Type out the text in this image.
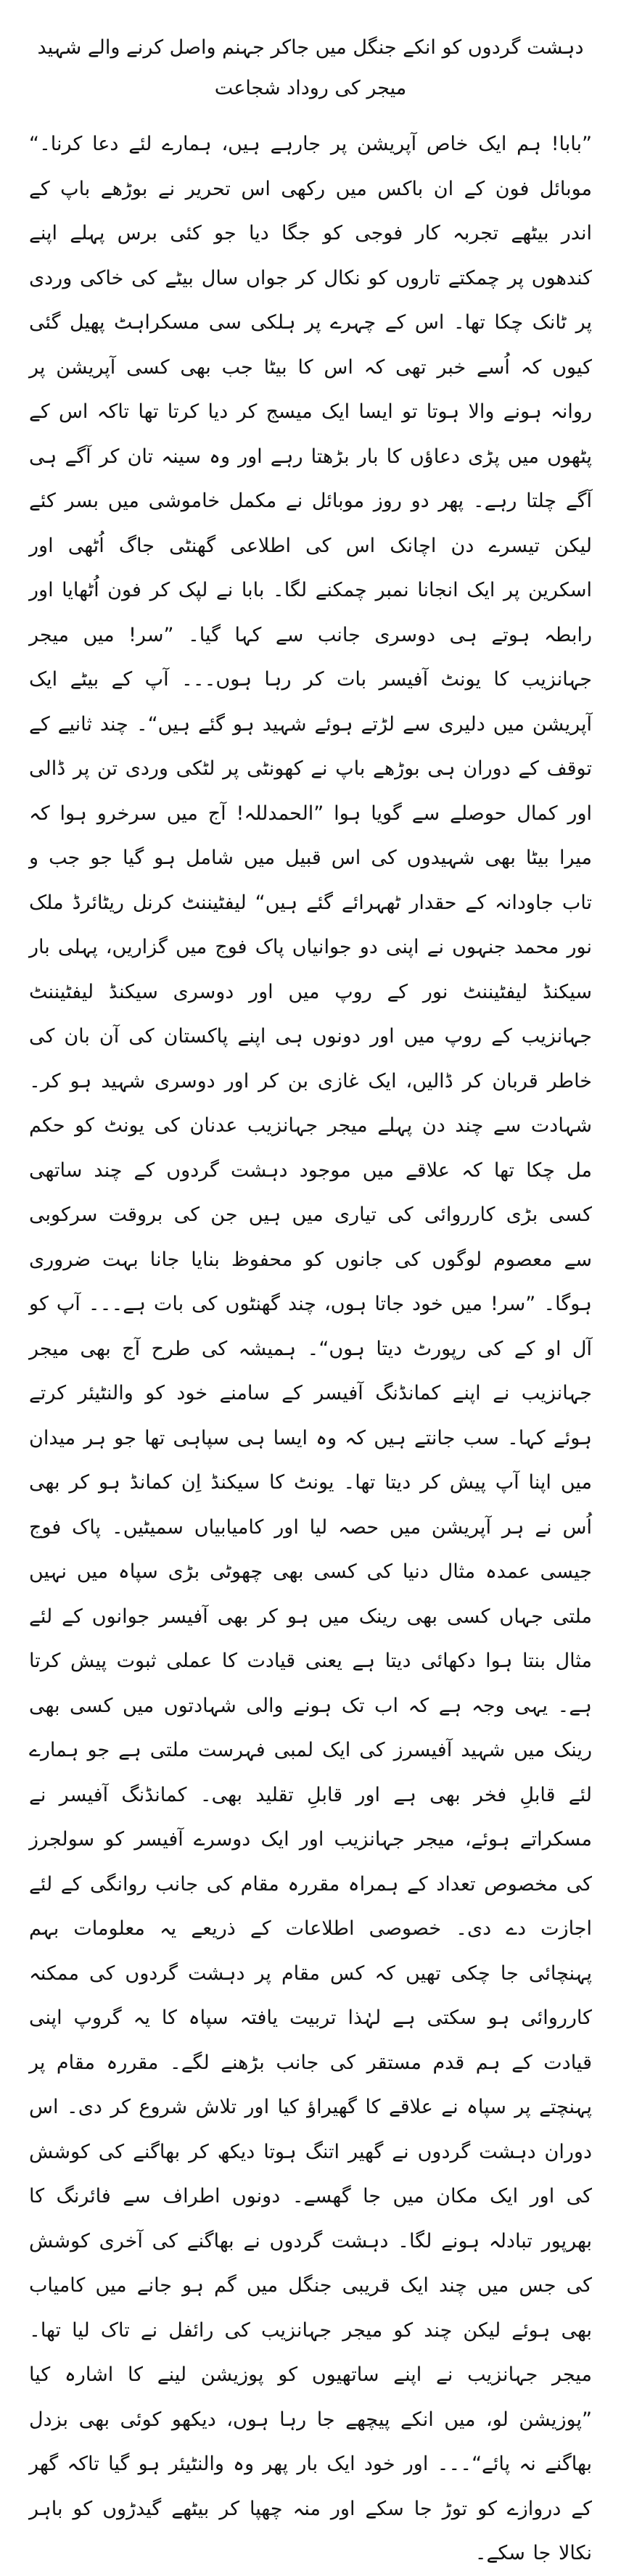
دہشت گردوں کو انکے جنگل میں جاکر جہنم واصل کرنے والے شہید میجر کی روداد شجاعت

”بابا! ہم ایک خاص آپریشن پر جارہے ہیں، ہمارے لئے دعا کرنا۔“ موبائل فون کے ان باکس میں رکھی اس تحریر نے بوڑھے باپ کے اندر بیٹھے تجربہ کار فوجی کو جگا دیا جو کئی برس پہلے اپنے کندھوں پر چمکتے تاروں کو نکال کر جواں سال بیٹے کی خاکی وردی پر ٹانک چکا تھا۔ اس کے چہرے پر ہلکی سی مسکراہٹ پھیل گئی کیوں کہ اُسے خبر تھی کہ اس کا بیٹا جب بھی کسی آپریشن پر روانہ ہونے والا ہوتا تو ایسا ایک میسج کر دیا کرتا تھا تاکہ اس کے پٹھوں میں پڑی دعاؤں کا بار بڑھتا رہے اور وہ سینہ تان کر آگے ہی آگے چلتا رہے۔ پھر دو روز موبائل نے مکمل خاموشی میں بسر کئے لیکن تیسرے دن اچانک اس کی اطلاعی گھنٹی جاگ اُٹھی اور اسکرین پر ایک انجانا نمبر چمکنے لگا۔ بابا نے لپک کر فون اُٹھایا اور رابطہ ہوتے ہی دوسری جانب سے کہا گیا۔ ”سر! میں میجر جہانزیب کا یونٹ آفیسر بات کر رہا ہوں۔۔۔ آپ کے بیٹے ایک آپریشن میں دلیری سے لڑتے ہوئے شہید ہو گئے ہیں“۔ چند ثانیے کے توقف کے دوران ہی بوڑھے باپ نے کھونٹی پر لٹکی وردی تن پر ڈالی اور کمال حوصلے سے گویا ہوا ”الحمدللہ! آج میں سرخرو ہوا کہ میرا بیٹا بھی شہیدوں کی اس قبیل میں شامل ہو گیا جو جب و تاب جاودانہ کے حقدار ٹھہرائے گئے ہیں“ لیفٹیننٹ کرنل ریٹائرڈ ملک نور محمد جنہوں نے اپنی دو جوانیاں پاک فوج میں گزاریں، پہلی بار سیکنڈ لیفٹیننٹ نور کے روپ میں اور دوسری سیکنڈ لیفٹیننٹ جہانزیب کے روپ میں اور دونوں ہی اپنے پاکستان کی آن بان کی خاطر قربان کر ڈالیں، ایک غازی بن کر اور دوسری شہید ہو کر۔ شہادت سے چند دن پہلے میجر جہانزیب عدنان کی یونٹ کو حکم مل چکا تھا کہ علاقے میں موجود دہشت گردوں کے چند ساتھی کسی بڑی کارروائی کی تیاری میں ہیں جن کی بروقت سرکوبی سے معصوم لوگوں کی جانوں کو محفوظ بنایا جانا بہت ضروری ہوگا۔ ”سر! میں خود جاتا ہوں، چند گھنٹوں کی بات ہے۔۔۔ آپ کو آل او کے کی رپورٹ دیتا ہوں“۔ ہمیشہ کی طرح آج بھی میجر جہانزیب نے اپنے کمانڈنگ آفیسر کے سامنے خود کو والنٹیئر کرتے ہوئے کہا۔ سب جانتے ہیں کہ وہ ایسا ہی سپاہی تھا جو ہر میدان میں اپنا آپ پیش کر دیتا تھا۔ یونٹ کا سیکنڈ اِن کمانڈ ہو کر بھی اُس نے ہر آپریشن میں حصہ لیا اور کامیابیاں سمیٹیں۔ پاک فوج جیسی عمدہ مثال دنیا کی کسی بھی چھوٹی بڑی سپاہ میں نہیں ملتی جہاں کسی بھی رینک میں ہو کر بھی آفیسر جوانوں کے لئے مثال بنتا ہوا دکھائی دیتا ہے یعنی قیادت کا عملی ثبوت پیش کرتا ہے۔ یہی وجہ ہے کہ اب تک ہونے والی شہادتوں میں کسی بھی رینک میں شہید آفیسرز کی ایک لمبی فہرست ملتی ہے جو ہمارے لئے قابلِ فخر بھی ہے اور قابلِ تقلید بھی۔ کمانڈنگ آفیسر نے مسکراتے ہوئے، میجر جہانزیب اور ایک دوسرے آفیسر کو سولجرز کی مخصوص تعداد کے ہمراہ مقررہ مقام کی جانب روانگی کے لئے اجازت دے دی۔ خصوصی اطلاعات کے ذریعے یہ معلومات بہم پہنچائی جا چکی تھیں کہ کس مقام پر دہشت گردوں کی ممکنہ کارروائی ہو سکتی ہے لہٰذا تربیت یافتہ سپاہ کا یہ گروپ اپنی قیادت کے ہم قدم مستقر کی جانب بڑھنے لگے۔ مقررہ مقام پر پہنچتے پر سپاہ نے علاقے کا گھیراؤ کیا اور تلاش شروع کر دی۔ اس دوران دہشت گردوں نے گھیر اتنگ ہوتا دیکھ کر بھاگنے کی کوشش کی اور ایک مکان میں جا گھسے۔ دونوں اطراف سے فائرنگ کا بھرپور تبادلہ ہونے لگا۔ دہشت گردوں نے بھاگنے کی آخری کوشش کی جس میں چند ایک قریبی جنگل میں گم ہو جانے میں کامیاب بھی ہوئے لیکن چند کو میجر جہانزیب کی رائفل نے تاک لیا تھا۔ میجر جہانزیب نے اپنے ساتھیوں کو پوزیشن لینے کا اشارہ کیا ”پوزیشن لو، میں انکے پیچھے جا رہا ہوں، دیکھو کوئی بھی بزدل بھاگنے نہ پائے“۔۔۔ اور خود ایک بار پھر وہ والنٹیئر ہو گیا تاکہ گھر کے دروازے کو توڑ جا سکے اور منہ چھپا کر بیٹھے گیدڑوں کو باہر نکالا جا سکے۔
